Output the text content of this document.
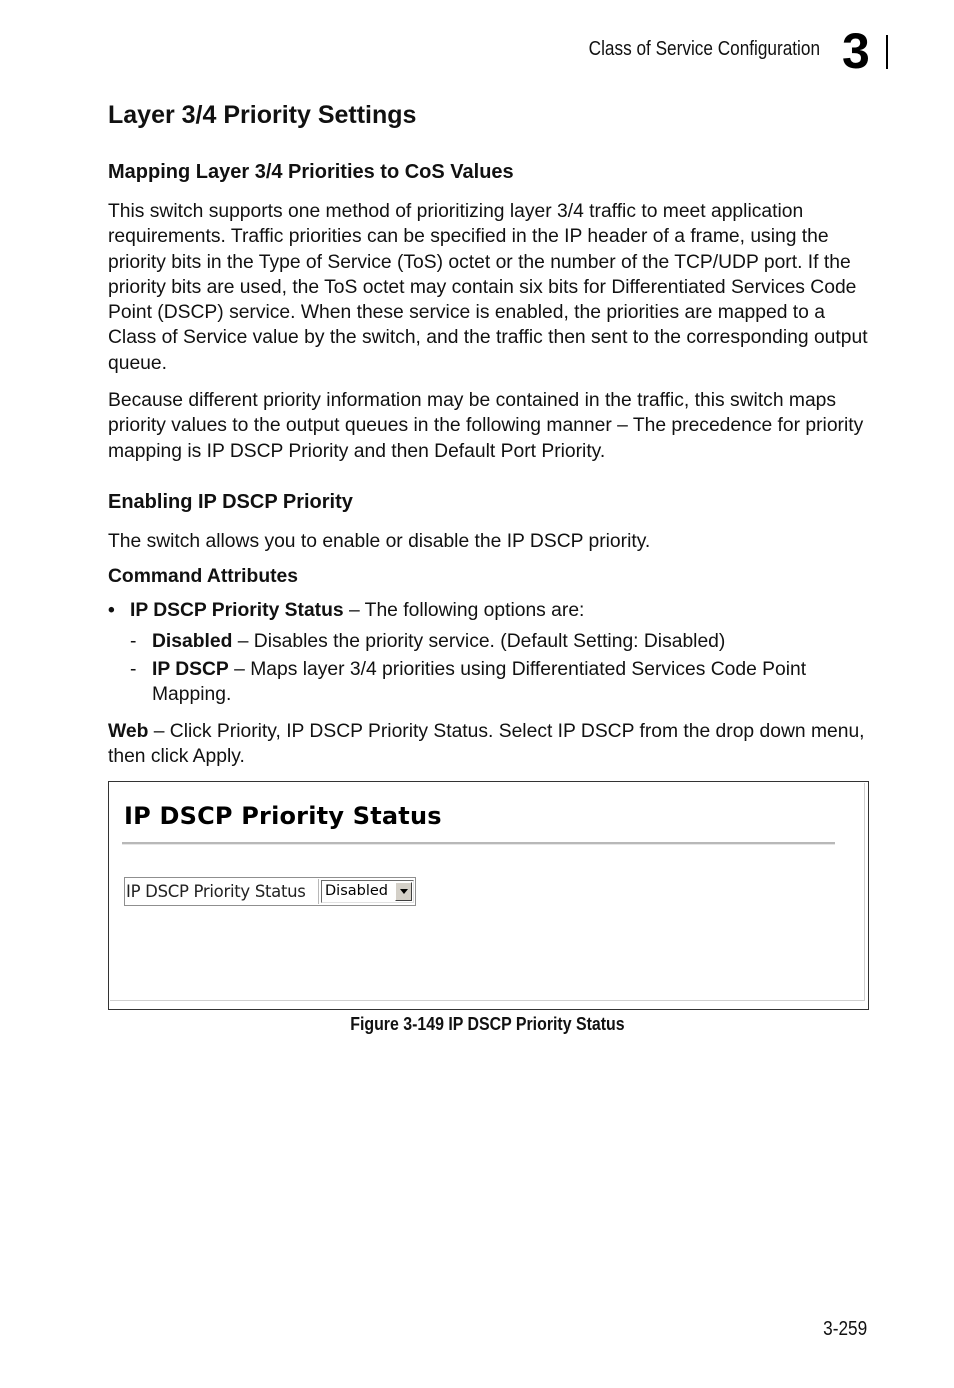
Class of Service Configuration 3
Layer 3/4 Priority Settings
Mapping Layer 3/4 Priorities to CoS Values

This switch supports one method of prioritizing layer 3/4 traffic to meet application requirements. Traffic priorities can be specified in the IP header of a frame, using the priority bits in the Type of Service (ToS) octet or the number of the TCP/UDP port. If the priority bits are used, the ToS octet may contain six bits for Differentiated Services Code Point (DSCP) service. When these service is enabled, the priorities are mapped to a Class of Service value by the switch, and the traffic then sent to the corresponding output queue.

Because different priority information may be contained in the traffic, this switch maps priority values to the output queues in the following manner – The precedence for priority mapping is IP DSCP Priority and then Default Port Priority.

Enabling IP DSCP Priority

The switch allows you to enable or disable the IP DSCP priority.

Command Attributes

• IP DSCP Priority Status – The following options are:
- Disabled – Disables the priority service. (Default Setting: Disabled)
- IP DSCP – Maps layer 3/4 priorities using Differentiated Services Code Point Mapping.

Web – Click Priority, IP DSCP Priority Status. Select IP DSCP from the drop down menu, then click Apply.

IP DSCP Priority Status
IP DSCP Priority Status	Disabled
Figure 3-149 IP DSCP Priority Status
3-259
